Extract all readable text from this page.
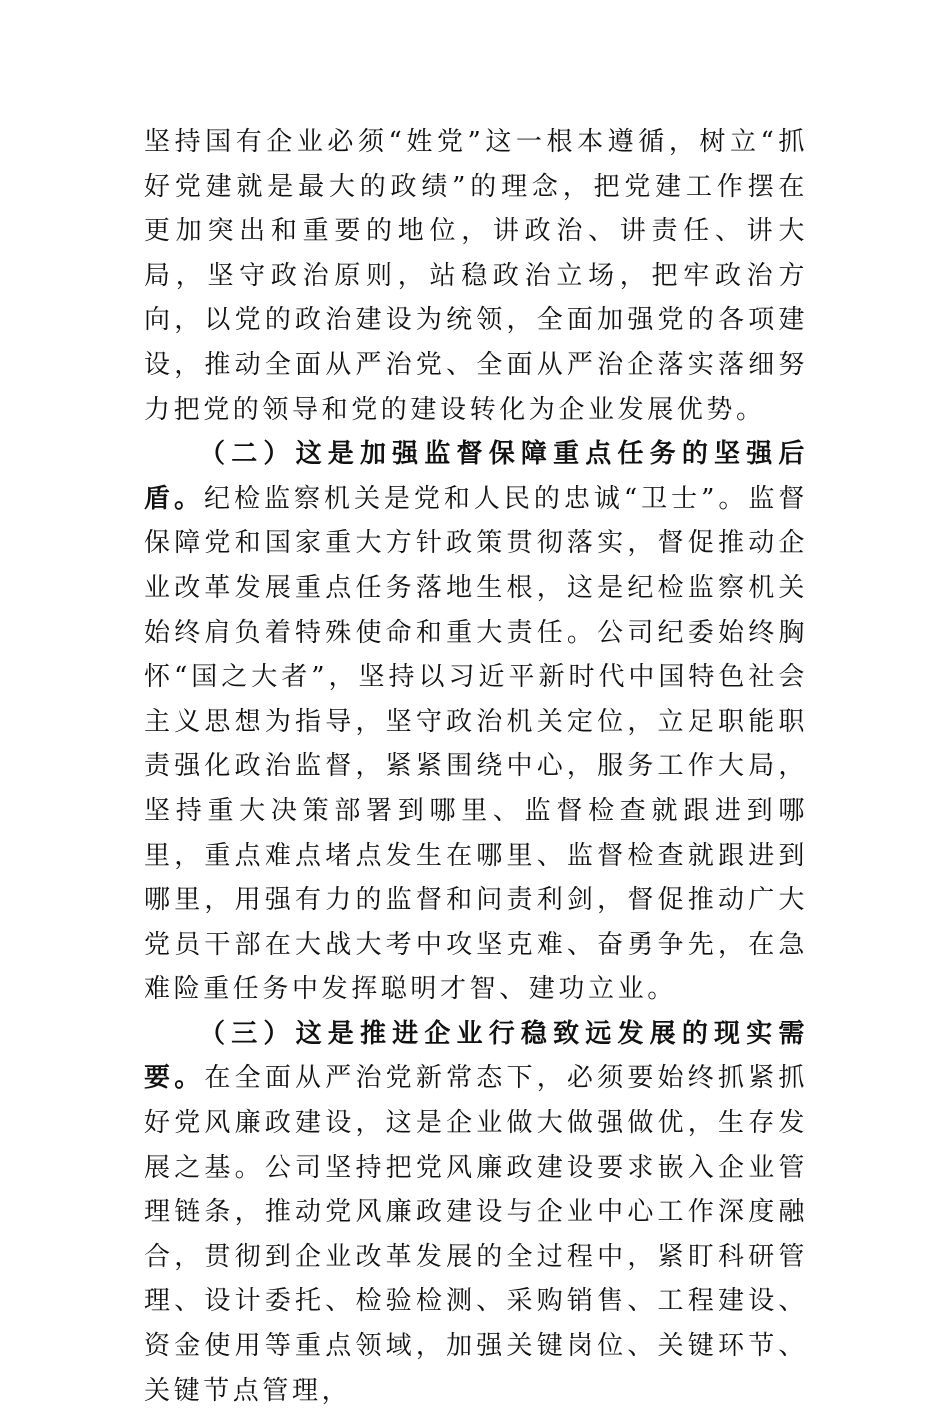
坚持国有企业必须“姓党”这一根本遵循，树立“抓好党建就是最大的政绩”的理念，把党建工作摆在更加突出和重要的地位，讲政治、讲责任、讲大局，坚守政治原则，站稳政治立场，把牢政治方向，以党的政治建设为统领，全面加强党的各项建设，推动全面从严治党、全面从严治企落实落细努力把党的领导和党的建设转化为企业发展优势。

（二）这是加强监督保障重点任务的坚强后盾。纪检监察机关是党和人民的忠诚“卫士”。监督保障党和国家重大方针政策贯彻落实，督促推动企业改革发展重点任务落地生根，这是纪检监察机关始终肩负着特殊使命和重大责任。公司纪委始终胸怀“国之大者”，坚持以习近平新时代中国特色社会主义思想为指导，坚守政治机关定位，立足职能职责强化政治监督，紧紧围绕中心，服务工作大局，坚持重大决策部署到哪里、监督检查就跟进到哪里，重点难点堵点发生在哪里、监督检查就跟进到哪里，用强有力的监督和问责利剑，督促推动广大党员干部在大战大考中攻坚克难、奋勇争先，在急难险重任务中发挥聪明才智、建功立业。

（三）这是推进企业行稳致远发展的现实需要。在全面从严治党新常态下，必须要始终抓紧抓好党风廉政建设，这是企业做大做强做优，生存发展之基。公司坚持把党风廉政建设要求嵌入企业管理链条，推动党风廉政建设与企业中心工作深度融合，贯彻到企业改革发展的全过程中，紧盯科研管理、设计委托、检验检测、采购销售、工程建设、资金使用等重点领域，加强关键岗位、关键环节、关键节点管理，
